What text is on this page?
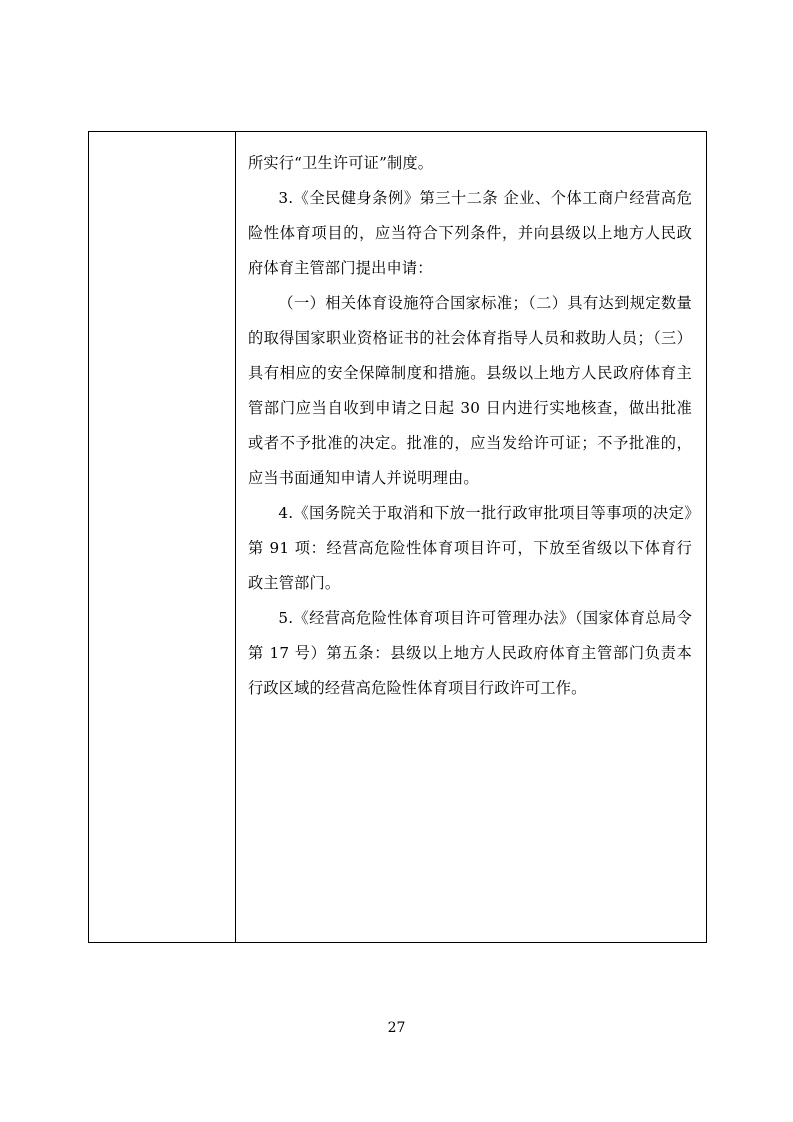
所实行“卫生许可证”制度。

3.《全民健身条例》第三十二条 企业、个体工商户经营高危险性体育项目的，应当符合下列条件，并向县级以上地方人民政府体育主管部门提出申请：

（一）相关体育设施符合国家标准；（二）具有达到规定数量的取得国家职业资格证书的社会体育指导人员和救助人员；（三）具有相应的安全保障制度和措施。县级以上地方人民政府体育主管部门应当自收到申请之日起 30 日内进行实地核查，做出批准或者不予批准的决定。批准的，应当发给许可证；不予批准的，应当书面通知申请人并说明理由。

4.《国务院关于取消和下放一批行政审批项目等事项的决定》第 91 项：经营高危险性体育项目许可，下放至省级以下体育行政主管部门。

5.《经营高危险性体育项目许可管理办法》（国家体育总局令 第 17 号）第五条：县级以上地方人民政府体育主管部门负责本行政区域的经营高危险性体育项目行政许可工作。

27
